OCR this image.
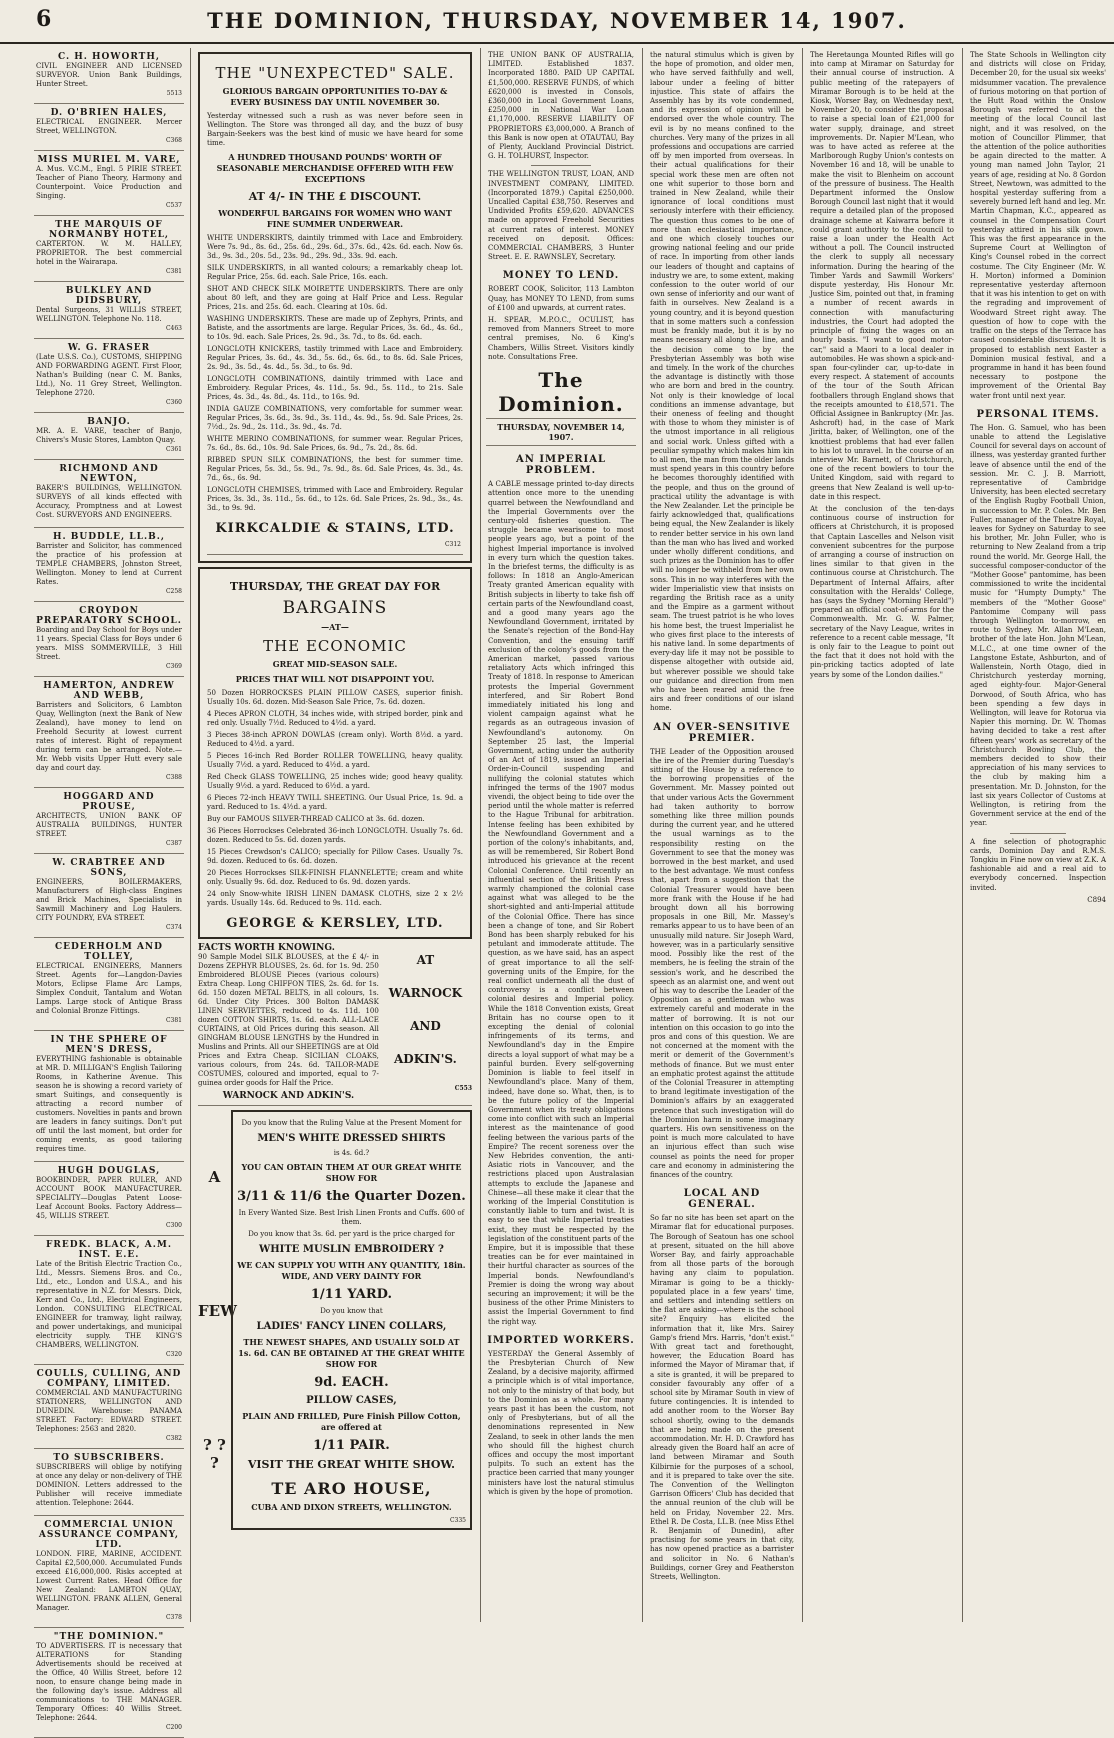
6	THE DOMINION, THURSDAY, NOVEMBER 14, 1907.
C. H. HOWORTH,
CIVIL ENGINEER AND LICENSED SURVEYOR. Union Bank Buildings, Hunter Street.
5513
D. O'BRIEN HALES,
ELECTRICAL ENGINEER. Mercer Street, WELLINGTON.
C368
MISS MURIEL M. VARE,
A. Mus. V.C.M., Engl. 5 PIRIE STREET. Teacher of Piano Theory, Harmony and Counterpoint. Voice Production and Singing.
C537
THE MARQUIS OF NORMANBY HOTEL,
CARTERTON. W. M. HALLEY, PROPRIETOR. The best commercial hotel in the Wairarapa.
C381
BULKLEY AND DIDSBURY,
Dental Surgeons, 31 WILLIS STREET, WELLINGTON. Telephone No. 118.
C463
W. G. FRASER
(Late U.S.S. Co.), CUSTOMS, SHIPPING AND FORWARDING AGENT. First Floor, Nathan's Building (near C. M. Banks, Ltd.), No. 11 Grey Street, Wellington. Telephone 2720.
C360
BANJO.
MR. A. E. VARE, teacher of Banjo, Chivers's Music Stores, Lambton Quay.
C361
RICHMOND AND NEWTON,
BAKER'S BUILDINGS, WELLINGTON. SURVEYS of all kinds effected with Accuracy, Promptness and at Lowest Cost. SURVEYORS AND ENGINEERS.
H. BUDDLE, LL.B.,
Barrister and Solicitor, has commenced the practice of his profession at TEMPLE CHAMBERS, Johnston Street, Wellington. Money to lend at Current Rates.
C258
CROYDON PREPARATORY SCHOOL.
Boarding and Day School for Boys under 11 years. Special Class for Boys under 6 years. MISS SOMMERVILLE, 3 Hill Street.
C369
HAMERTON, ANDREW AND WEBB,
Barristers and Solicitors, 6 Lambton Quay, Wellington (next the Bank of New Zealand), have money to lend on Freehold Security at lowest current rates of interest. Right of repayment during term can be arranged. Note.—Mr. Webb visits Upper Hutt every sale day and court day.
C388
HOGGARD AND PROUSE,
ARCHITECTS, UNION BANK OF AUSTRALIA BUILDINGS, HUNTER STREET.
C387
W. CRABTREE AND SONS,
ENGINEERS, BOILERMAKERS, Manufacturers of High-class Engines and Brick Machines, Specialists in Sawmill Machinery and Log Haulers. CITY FOUNDRY, EVA STREET.
C374
CEDERHOLM AND TOLLEY,
ELECTRICAL ENGINEERS, Manners Street. Agents for—Langdon-Davies Motors, Eclipse Flame Arc Lamps, Simplex Conduit, Tantalum and Wotan Lamps. Large stock of Antique Brass and Colonial Bronze Fittings.
C381
IN THE SPHERE OF MEN'S DRESS,
EVERYTHING fashionable is obtainable at MR. D. MILLIGAN'S English Tailoring Rooms, in Katherine Avenue. This season he is showing a record variety of smart Suitings, and consequently is attracting a record number of customers. Novelties in pants and brown are leaders in fancy suitings. Don't put off until the last moment, but order for coming events, as good tailoring requires time.
HUGH DOUGLAS,
BOOKBINDER, PAPER RULER, AND ACCOUNT BOOK MANUFACTURER. SPECIALITY—Douglas Patent Loose-Leaf Account Books. Factory Address—45, WILLIS STREET.
C300
FREDK. BLACK, A.M. INST. E.E.
Late of the British Electric Traction Co., Ltd., Messrs. Siemens Bros. and Co., Ltd., etc., London and U.S.A., and his representative in N.Z. for Messrs. Dick, Kerr and Co., Ltd., Electrical Engineers, London. CONSULTING ELECTRICAL ENGINEER for tramway, light railway, and power undertakings, and municipal electricity supply. THE KING'S CHAMBERS, WELLINGTON.
C320
COULLS, CULLING, AND COMPANY, LIMITED.
COMMERCIAL AND MANUFACTURING STATIONERS, WELLINGTON AND DUNEDIN. Warehouse: PANAMA STREET. Factory: EDWARD STREET. Telephones: 2563 and 2820.
C382
TO SUBSCRIBERS.
SUBSCRIBERS will oblige by notifying at once any delay or non-delivery of THE DOMINION. Letters addressed to the Publisher will receive immediate attention. Telephone: 2644.
COMMERCIAL UNION ASSURANCE COMPANY, LTD.
LONDON. FIRE, MARINE, ACCIDENT. Capital £2,500,000. Accumulated Funds exceed £16,000,000. Risks accepted at Lowest Current Rates. Head Office for New Zealand: LAMBTON QUAY, WELLINGTON. FRANK ALLEN, General Manager.
C378
"THE DOMINION."
TO ADVERTISERS. IT is necessary that ALTERATIONS for Standing Advertisements should be received at the Office, 40 Willis Street, before 12 noon, to ensure change being made in the following day's issue. Address all communications to THE MANAGER. Temporary Offices: 40 Willis Street. Telephone: 2644.
C200
THE "UNEXPECTED" SALE.
GLORIOUS BARGAIN OPPORTUNITIES TO-DAY & EVERY BUSINESS DAY UNTIL NOVEMBER 30.
Yesterday witnessed such a rush as was never before seen in Wellington. The Store was thronged all day, and the buzz of busy Bargain-Seekers was the best kind of music we have heard for some time.
A HUNDRED THOUSAND POUNDS' WORTH OF SEASONABLE MERCHANDISE OFFERED WITH FEW EXCEPTIONS
AT 4/- IN THE £ DISCOUNT.
WONDERFUL BARGAINS FOR WOMEN WHO WANT FINE SUMMER UNDERWEAR.
WHITE UNDERSKIRTS, daintily trimmed with Lace and Embroidery. Were 7s. 9d., 8s. 6d., 25s. 6d., 29s. 6d., 37s. 6d., 42s. 6d. each. Now 6s. 3d., 9s. 3d., 20s. 5d., 23s. 9d., 29s. 9d., 33s. 9d. each.
SILK UNDERSKIRTS, in all wanted colours; a remarkably cheap lot. Regular Price, 25s. 6d. each. Sale Price, 16s. each.
SHOT AND CHECK SILK MOIRETTE UNDERSKIRTS. There are only about 80 left, and they are going at Half Price and Less. Regular Prices, 21s. and 25s. 6d. each. Clearing at 10s. 6d.
WASHING UNDERSKIRTS. These are made up of Zephyrs, Prints, and Batiste, and the assortments are large. Regular Prices, 3s. 6d., 4s. 6d., to 10s. 9d. each. Sale Prices, 2s. 9d., 3s. 7d., to 8s. 6d. each.
LONGCLOTH KNICKERS, tastily trimmed with Lace and Embroidery. Regular Prices, 3s. 6d., 4s. 3d., 5s. 6d., 6s. 6d., to 8s. 6d. Sale Prices, 2s. 9d., 3s. 5d., 4s. 4d., 5s. 3d., to 6s. 9d.
LONGCLOTH COMBINATIONS, daintily trimmed with Lace and Embroidery. Regular Prices, 4s. 11d., 5s. 9d., 5s. 11d., to 21s. Sale Prices, 4s. 3d., 4s. 8d., 4s. 11d., to 16s. 9d.
INDIA GAUZE COMBINATIONS, very comfortable for summer wear. Regular Prices, 3s. 6d., 3s. 9d., 3s. 11d., 4s. 9d., 5s. 9d. Sale Prices, 2s. 7½d., 2s. 9d., 2s. 11d., 3s. 9d., 4s. 7d.
WHITE MERINO COMBINATIONS, for summer wear. Regular Prices, 7s. 6d., 8s. 6d., 10s. 9d. Sale Prices, 6s. 9d., 7s. 2d., 8s. 6d.
RIBBED SPUN SILK COMBINATIONS, the best for summer time. Regular Prices, 5s. 3d., 5s. 9d., 7s. 9d., 8s. 6d. Sale Prices, 4s. 3d., 4s. 7d., 6s., 6s. 9d.
LONGCLOTH CHEMISES, trimmed with Lace and Embroidery. Regular Prices, 3s. 3d., 3s. 11d., 5s. 6d., to 12s. 6d. Sale Prices, 2s. 9d., 3s., 4s. 3d., to 9s. 9d.
KIRKCALDIE & STAINS, LTD.
C312
THURSDAY, THE GREAT DAY FOR
BARGAINS
—AT—
THE ECONOMIC
GREAT MID-SEASON SALE.
PRICES THAT WILL NOT DISAPPOINT YOU.
50 Dozen HORROCKSES PLAIN PILLOW CASES, superior finish. Usually 10s. 6d. dozen. Mid-Season Sale Price, 7s. 6d. dozen.
4 Pieces APRON CLOTH, 34 inches wide, with striped border, pink and red only. Usually 7½d. Reduced to 4½d. a yard.
3 Pieces 38-inch APRON DOWLAS (cream only). Worth 8½d. a yard. Reduced to 4½d. a yard.
5 Pieces 16-inch Red Border ROLLER TOWELLING, heavy quality. Usually 7½d. a yard. Reduced to 4½d. a yard.
Red Check GLASS TOWELLING, 25 inches wide; good heavy quality. Usually 9½d. a yard. Reduced to 6½d. a yard.
6 Pieces 72-inch HEAVY TWILL SHEETING. Our Usual Price, 1s. 9d. a yard. Reduced to 1s. 4½d. a yard.
Buy our FAMOUS SILVER-THREAD CALICO at 3s. 6d. dozen.
36 Pieces Horrockses Celebrated 36-inch LONGCLOTH. Usually 7s. 6d. dozen. Reduced to 5s. 6d. dozen yards.
15 Pieces Crewdson's CALICO; specially for Pillow Cases. Usually 7s. 9d. dozen. Reduced to 6s. 6d. dozen.
20 Pieces Horrockses SILK-FINISH FLANNELETTE; cream and white only. Usually 9s. 6d. doz. Reduced to 6s. 9d. dozen yards.
24 only Snow-white IRISH LINEN DAMASK CLOTHS, size 2 x 2½ yards. Usually 14s. 6d. Reduced to 9s. 11d. each.
GEORGE & KERSLEY, LTD.
FACTS WORTH KNOWING.
90 Sample Model SILK BLOUSES, at the £ 4/- in Dozens ZEPHYR BLOUSES, 2s. 6d. for 1s. 9d. 250 Embroidered BLOUSE Pieces (various colours) Extra Cheap. Long CHIFFON TIES, 2s. 6d. for 1s. 6d. 150 dozen METAL BELTS, in all colours, 1s. 6d. Under City Prices. 300 Bolton DAMASK LINEN SERVIETTES, reduced to 4s. 11d. 100 dozen COTTON SHIRTS, 1s. 6d. each. ALL-LACE CURTAINS, at Old Prices during this season. All GINGHAM BLOUSE LENGTHS by the Hundred in Muslins and Prints. All our SHEETINGS are at Old Prices and Extra Cheap. SICILIAN CLOAKS, various colours, from 24s. 6d. TAILOR-MADE COSTUMES, coloured and imported, equal to 7-guinea order goods for Half the Price.
WARNOCK AND ADKIN'S.
AT
WARNOCK
AND
ADKIN'S.
C553
A
FEW
? ? ?
Do you know that the Ruling Value at the Present Moment for
MEN'S WHITE DRESSED SHIRTS
is 4s. 6d.?
YOU CAN OBTAIN THEM AT OUR GREAT WHITE SHOW FOR
3/11 & 11/6 the Quarter Dozen.
In Every Wanted Size. Best Irish Linen Fronts and Cuffs. 600 of them.
Do you know that 3s. 6d. per yard is the price charged for
WHITE MUSLIN EMBROIDERY ?
WE CAN SUPPLY YOU WITH ANY QUANTITY, 18in. WIDE, AND VERY DAINTY FOR
1/11 YARD.
Do you know that
LADIES' FANCY LINEN COLLARS,
THE NEWEST SHAPES, AND USUALLY SOLD AT 1s. 6d. CAN BE OBTAINED AT THE GREAT WHITE SHOW FOR
9d. EACH.
PILLOW CASES,
PLAIN AND FRILLED, Pure Finish Pillow Cotton, are offered at
1/11 PAIR.
VISIT THE GREAT WHITE SHOW.
TE ARO HOUSE,
CUBA AND DIXON STREETS, WELLINGTON.
C335
THE UNION BANK OF AUSTRALIA, LIMITED. Established 1837. Incorporated 1880. PAID UP CAPITAL £1,500,000. RESERVE FUNDS, of which £620,000 is invested in Consols, £360,000 in Local Government Loans, £250,000 in National War Loan £1,170,000. RESERVE LIABILITY OF PROPRIETORS £3,000,000. A Branch of this Bank is now open at OTAUTAU, Bay of Plenty, Auckland Provincial District. G. H. TOLHURST, Inspector.
THE WELLINGTON TRUST, LOAN, AND INVESTMENT COMPANY, LIMITED. (Incorporated 1879.) Capital £250,000. Uncalled Capital £38,750. Reserves and Undivided Profits £59,620. ADVANCES made on approved Freehold Securities at current rates of interest. MONEY received on deposit. Offices: COMMERCIAL CHAMBERS, 3 Hunter Street. E. E. RAWNSLEY, Secretary.
MONEY TO LEND.
ROBERT COOK, Solicitor, 113 Lambton Quay, has MONEY TO LEND, from sums of £100 and upwards, at current rates.
H. SPEAR, M.P.O.C., OCULIST, has removed from Manners Street to more central premises, No. 6 King's Chambers, Willis Street. Visitors kindly note. Consultations Free.
The Dominion.
THURSDAY, NOVEMBER 14, 1907.
AN IMPERIAL PROBLEM.
A CABLE message printed to-day directs attention once more to the unending quarrel between the Newfoundland and the Imperial Governments over the century-old fisheries question. The struggle became wearisome to most people years ago, but a point of the highest Imperial importance is involved in every turn which the question takes. In the briefest terms, the difficulty is as follows: In 1818 an Anglo-American Treaty granted American equality with British subjects in liberty to take fish off certain parts of the Newfoundland coast, and a good many years ago the Newfoundland Government, irritated by the Senate's rejection of the Bond-Hay Convention, and the ensuing tariff exclusion of the colony's goods from the American market, passed various retaliatory Acts which infringed this Treaty of 1818. In response to American protests the Imperial Government interfered, and Sir Robert Bond immediately initiated his long and violent campaign against what he regards as an outrageous invasion of Newfoundland's autonomy. On September 25 last, the Imperial Government, acting under the authority of an Act of 1819, issued an Imperial Order-in-Council suspending and nullifying the colonial statutes which infringed the terms of the 1907 modus vivendi, the object being to tide over the period until the whole matter is referred to the Hague Tribunal for arbitration. Intense feeling has been exhibited by the Newfoundland Government and a portion of the colony's inhabitants, and, as will be remembered, Sir Robert Bond introduced his grievance at the recent Colonial Conference. Until recently an influential section of the British Press warmly championed the colonial case against what was alleged to be the short-sighted and anti-Imperial attitude of the Colonial Office. There has since been a change of tone, and Sir Robert Bond has been sharply rebuked for his petulant and immoderate attitude. The question, as we have said, has an aspect of great importance to all the self-governing units of the Empire, for the real conflict underneath all the dust of controversy is a conflict between colonial desires and Imperial policy. While the 1818 Convention exists, Great Britain has no course open to it excepting the denial of colonial infringements of its terms, and Newfoundland's day in the Empire directs a loyal support of what may be a painful burden. Every self-governing Dominion is liable to feel itself in Newfoundland's place. Many of them, indeed, have done so. What, then, is to be the future policy of the Imperial Government when its treaty obligations come into conflict with such an Imperial interest as the maintenance of good feeling between the various parts of the Empire? The recent soreness over the New Hebrides convention, the anti-Asiatic riots in Vancouver, and the restrictions placed upon Australasian attempts to exclude the Japanese and Chinese—all these make it clear that the working of the Imperial Constitution is constantly liable to turn and twist. It is easy to see that while Imperial treaties exist, they must be respected by the legislation of the constituent parts of the Empire, but it is impossible that these treaties can be for ever maintained in their hurtful character as sources of the Imperial bonds. Newfoundland's Premier is doing the wrong way about securing an improvement; it will be the business of the other Prime Ministers to assist the Imperial Government to find the right way.
IMPORTED WORKERS.
YESTERDAY the General Assembly of the Presbyterian Church of New Zealand, by a decisive majority, affirmed a principle which is of vital importance, not only to the ministry of that body, but to the Dominion as a whole. For many years past it has been the custom, not only of Presbyterians, but of all the denominations represented in New Zealand, to seek in other lands the men who should fill the highest church offices and occupy the most important pulpits. To such an extent has the practice been carried that many younger ministers have lost the natural stimulus which is given by the hope of promotion.
the natural stimulus which is given by the hope of promotion, and older men, who have served faithfully and well, labour under a feeling of bitter injustice. This state of affairs the Assembly has by its vote condemned, and its expression of opinion will be endorsed over the whole country. The evil is by no means confined to the churches. Very many of the prizes in all professions and occupations are carried off by men imported from overseas. In their actual qualifications for their special work these men are often not one whit superior to those born and trained in New Zealand, while their ignorance of local conditions must seriously interfere with their efficiency. The question thus comes to be one of more than ecclesiastical importance, and one which closely touches our growing national feeling and our pride of race. In importing from other lands our leaders of thought and captains of industry we are, to some extent, making confession to the outer world of our own sense of inferiority and our want of faith in ourselves. New Zealand is a young country, and it is beyond question that in some matters such a confession must be frankly made, but it is by no means necessary all along the line, and the decision come to by the Presbyterian Assembly was both wise and timely. In the work of the churches the advantage is distinctly with those who are born and bred in the country. Not only is their knowledge of local conditions an immense advantage, but their oneness of feeling and thought with those to whom they minister is of the utmost importance in all religious and social work. Unless gifted with a peculiar sympathy which makes him kin to all men, the man from the older lands must spend years in this country before he becomes thoroughly identified with the people, and thus on the ground of practical utility the advantage is with the New Zealander. Let the principle be fairly acknowledged that, qualifications being equal, the New Zealander is likely to render better service in his own land than the man who has lived and worked under wholly different conditions, and such prizes as the Dominion has to offer will no longer be withheld from her own sons. This in no way interferes with the wider Imperialistic view that insists on regarding the British race as a unity and the Empire as a garment without seam. The truest patriot is he who loves his home best, the truest Imperialist he who gives first place to the interests of his native land. In some departments of every-day life it may not be possible to dispense altogether with outside aid, but wherever possible we should take our guidance and direction from men who have been reared amid the free airs and freer conditions of our island home.
AN OVER-SENSITIVE PREMIER.
THE Leader of the Opposition aroused the ire of the Premier during Tuesday's sitting of the House by a reference to the borrowing propensities of the Government. Mr. Massey pointed out that under various Acts the Government had taken authority to borrow something like three million pounds during the current year, and he uttered the usual warnings as to the responsibility resting on the Government to see that the money was borrowed in the best market, and used to the best advantage. We must confess that, apart from a suggestion that the Colonial Treasurer would have been more frank with the House if he had brought down all his borrowing proposals in one Bill, Mr. Massey's remarks appear to us to have been of an unusually mild nature. Sir Joseph Ward, however, was in a particularly sensitive mood. Possibly like the rest of the members, he is feeling the strain of the session's work, and he described the speech as an alarmist one, and went out of his way to describe the Leader of the Opposition as a gentleman who was extremely careful and moderate in the matter of borrowing. It is not our intention on this occasion to go into the pros and cons of this question. We are not concerned at the moment with the merit or demerit of the Government's methods of finance. But we must enter an emphatic protest against the attitude of the Colonial Treasurer in attempting to brand legitimate investigation of the Dominion's affairs by an exaggerated pretence that such investigation will do the Dominion harm in some imaginary quarters. His own sensitiveness on the point is much more calculated to have an injurious effect than such wise counsel as points the need for proper care and economy in administering the finances of the country.
LOCAL AND GENERAL.
So far no site has been set apart on the Miramar flat for educational purposes. The Borough of Seatoun has one school at present, situated on the hill above Worser Bay, and fairly approachable from all those parts of the borough having any claim to population. Miramar is going to be a thickly-populated place in a few years' time, and settlers and intending settlers on the flat are asking—where is the school site? Enquiry has elicited the information that it, like Mrs. Sairey Gamp's friend Mrs. Harris, "don't exist." With great tact and forethought, however, the Education Board has informed the Mayor of Miramar that, if a site is granted, it will be prepared to consider favourably any offer of a school site by Miramar South in view of future contingencies. It is intended to add another room to the Worser Bay school shortly, owing to the demands that are being made on the present accommodation. Mr. H. D. Crawford has already given the Board half an acre of land between Miramar and South Kilbirnie for the purposes of a school, and it is prepared to take over the site. The Convention of the Wellington Garrison Officers' Club has decided that the annual reunion of the club will be held on Friday, November 22. Mrs. Ethel R. De Costa, LL.B. (nee Miss Ethel R. Benjamin of Dunedin), after practising for some years in that city, has now opened practice as a barrister and solicitor in No. 6 Nathan's Buildings, corner Grey and Featherston Streets, Wellington.
The Heretaunga Mounted Rifles will go into camp at Miramar on Saturday for their annual course of instruction. A public meeting of the ratepayers of Miramar Borough is to be held at the Kiosk, Worser Bay, on Wednesday next, November 20, to consider the proposal to raise a special loan of £21,000 for water supply, drainage, and street improvements. Dr. Napier M'Lean, who was to have acted as referee at the Marlborough Rugby Union's contests on November 16 and 18, will be unable to make the visit to Blenheim on account of the pressure of business. The Health Department informed the Onslow Borough Council last night that it would require a detailed plan of the proposed drainage scheme at Kaiwarra before it could grant authority to the council to raise a loan under the Health Act without a poll. The Council instructed the clerk to supply all necessary information. During the hearing of the Timber Yards and Sawmill Workers' dispute yesterday, His Honour Mr. Justice Sim, pointed out that, in framing a number of recent awards in connection with manufacturing industries, the Court had adopted the principle of fixing the wages on an hourly basis. "I want to good motor-car," said a Maori to a local dealer in automobiles. He was shown a spick-and-span four-cylinder car, up-to-date in every respect. A statement of accounts of the tour of the South African footballers through England shows that the receipts amounted to £18,571. The Official Assignee in Bankruptcy (Mr. Jas. Ashcroft) had, in the case of Mark Jiritta, baker, of Wellington, one of the knottiest problems that had ever fallen to his lot to unravel. In the course of an interview Mr. Barnett, of Christchurch, one of the recent bowlers to tour the United Kingdom, said with regard to greens that New Zealand is well up-to-date in this respect.
At the conclusion of the ten-days continuous course of instruction for officers at Christchurch, it is proposed that Captain Lascelles and Nelson visit convenient subcentres for the purpose of arranging a course of instruction on lines similar to that given in the continuous course at Christchurch. The Department of Internal Affairs, after consultation with the Heralds' College, has (says the Sydney "Morning Herald") prepared an official coat-of-arms for the Commonwealth. Mr. G. W. Palmer, secretary of the Navy League, writes in reference to a recent cable message, "It is only fair to the League to point out the fact that it does not hold with the pin-pricking tactics adopted of late years by some of the London dailies."
The State Schools in Wellington city and districts will close on Friday, December 20, for the usual six weeks' midsummer vacation. The prevalence of furious motoring on that portion of the Hutt Road within the Onslow Borough was referred to at the meeting of the local Council last night, and it was resolved, on the motion of Councillor Plimmer, that the attention of the police authorities be again directed to the matter. A young man named John Taylor, 21 years of age, residing at No. 8 Gordon Street, Newtown, was admitted to the hospital yesterday suffering from a severely burned left hand and leg. Mr. Martin Chapman, K.C., appeared as counsel in the Compensation Court yesterday attired in his silk gown. This was the first appearance in the Supreme Court at Wellington of King's Counsel robed in the correct costume. The City Engineer (Mr. W. H. Morton) informed a Dominion representative yesterday afternoon that it was his intention to get on with the regrading and improvement of Woodward Street right away. The question of how to cope with the traffic on the steps of the Terrace has caused considerable discussion. It is proposed to establish next Easter a Dominion musical festival, and a programme in hand it has been found necessary to postpone the improvement of the Oriental Bay water front until next year.
PERSONAL ITEMS.
The Hon. G. Samuel, who has been unable to attend the Legislative Council for several days on account of illness, was yesterday granted further leave of absence until the end of the session. Mr. C. J. B. Marriott, representative of Cambridge University, has been elected secretary of the English Rugby Football Union, in succession to Mr. P. Coles. Mr. Ben Fuller, manager of the Theatre Royal, leaves for Sydney on Saturday to see his brother, Mr. John Fuller, who is returning to New Zealand from a trip round the world. Mr. George Hall, the successful composer-conductor of the "Mother Goose" pantomime, has been commissioned to write the incidental music for "Humpty Dumpty." The members of the "Mother Goose" Pantomime Company will pass through Wellington to-morrow, en route to Sydney. Mr. Allan M'Lean, brother of the late Hon. John M'Lean, M.L.C., at one time owner of the Langstone Estate, Ashburton, and of Wallenstein, North Otago, died in Christchurch yesterday morning, aged eighty-four. Major-General Dorwood, of South Africa, who has been spending a few days in Wellington, will leave for Rotorua via Napier this morning. Dr. W. Thomas having decided to take a rest after fifteen years' work as secretary of the Christchurch Bowling Club, the members decided to show their appreciation of his many services to the club by making him a presentation. Mr. D. Johnston, for the last six years Collector of Customs at Wellington, is retiring from the Government service at the end of the year.
A fine selection of photographic cards, Dominion Day and R.M.S. Tongkiu in Fine now on view at Z.K. A fashionable aid and a real aid to everybody concerned. Inspection invited.
C894
